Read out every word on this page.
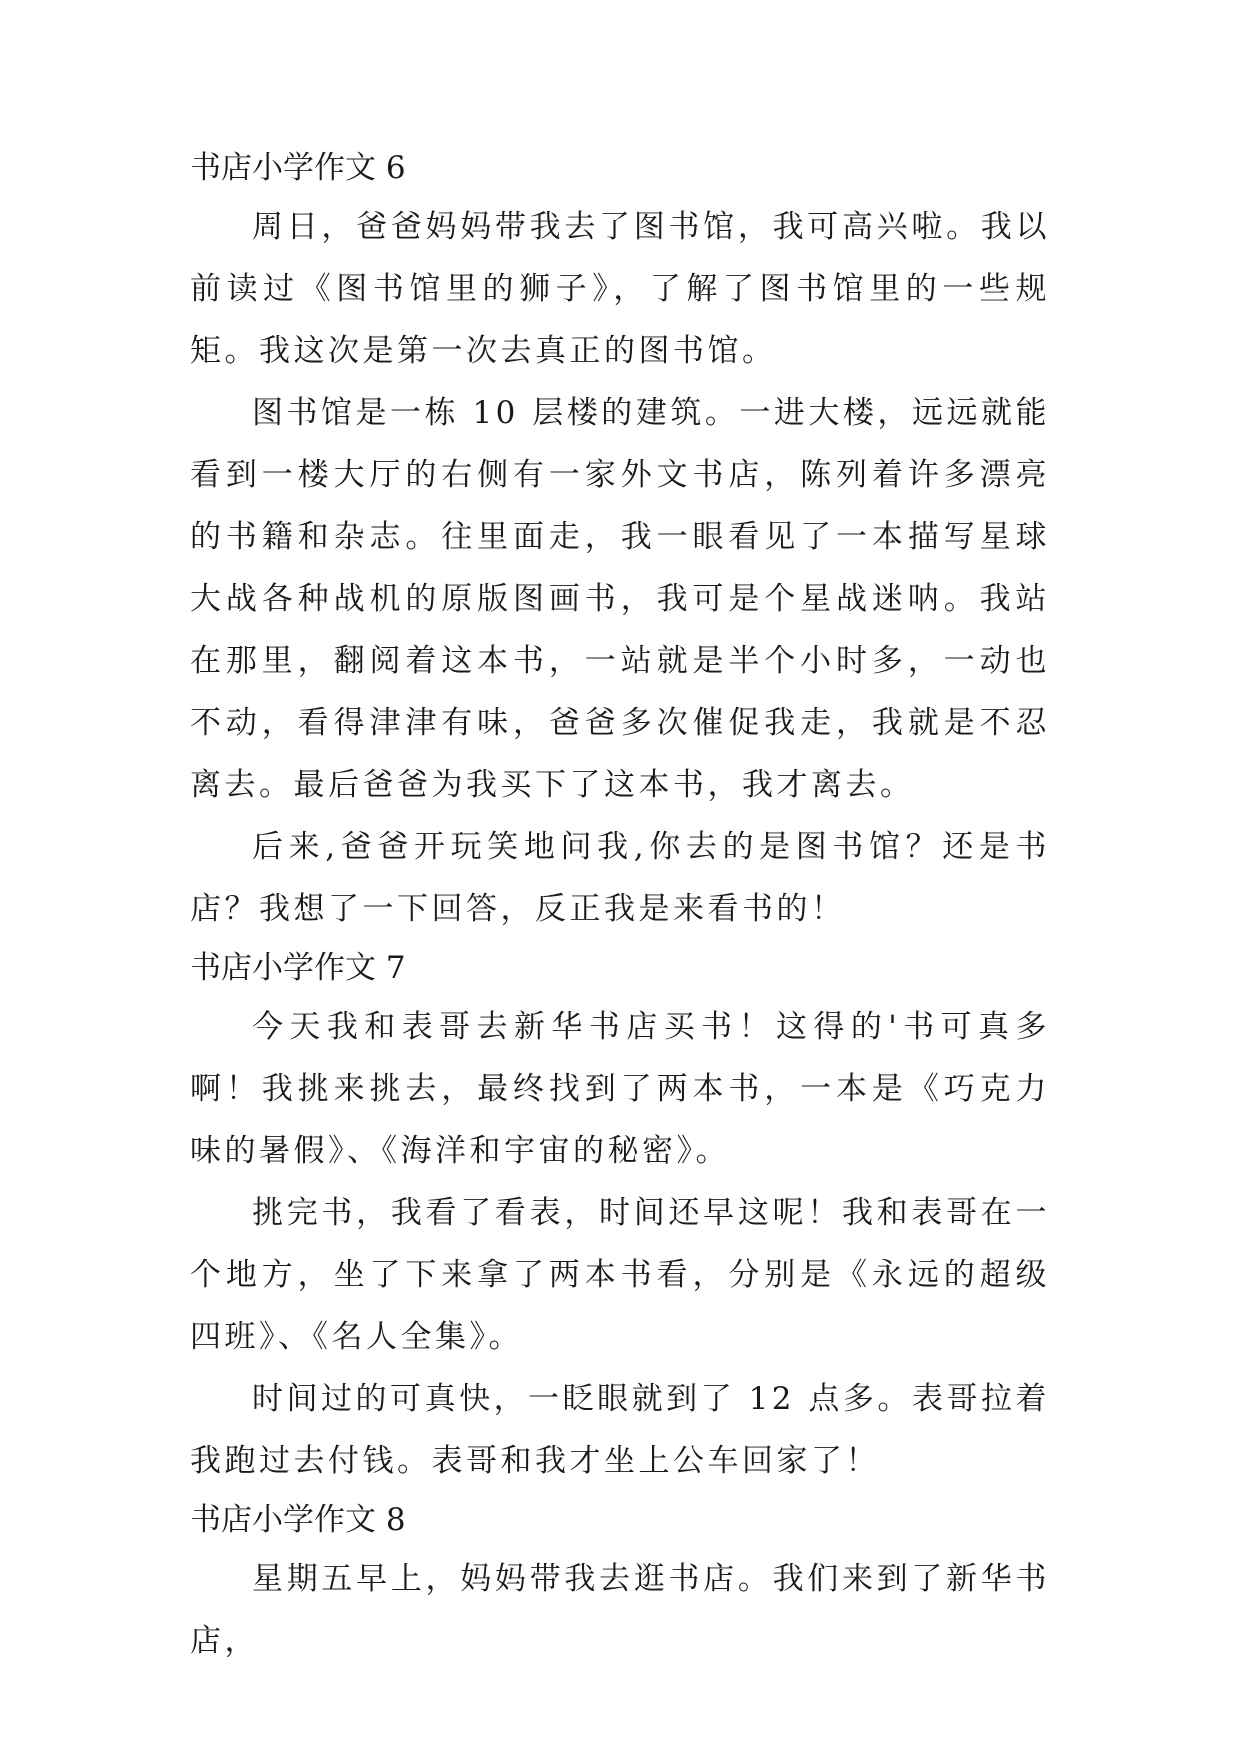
书店小学作文 6

周日，爸爸妈妈带我去了图书馆，我可高兴啦。我以前读过《图书馆里的狮子》，了解了图书馆里的一些规矩。我这次是第一次去真正的图书馆。

图书馆是一栋 10 层楼的建筑。一进大楼，远远就能看到一楼大厅的右侧有一家外文书店，陈列着许多漂亮的书籍和杂志。往里面走，我一眼看见了一本描写星球大战各种战机的原版图画书，我可是个星战迷呐。我站在那里，翻阅着这本书，一站就是半个小时多，一动也不动，看得津津有味，爸爸多次催促我走，我就是不忍离去。最后爸爸为我买下了这本书，我才离去。

后来,爸爸开玩笑地问我,你去的是图书馆？还是书店？我想了一下回答，反正我是来看书的！

书店小学作文 7

今天我和表哥去新华书店买书！这得的'书可真多啊！我挑来挑去，最终找到了两本书，一本是《巧克力味的暑假》、《海洋和宇宙的秘密》。

挑完书，我看了看表，时间还早这呢！我和表哥在一个地方，坐了下来拿了两本书看，分别是《永远的超级四班》、《名人全集》。

时间过的可真快，一眨眼就到了 12 点多。表哥拉着我跑过去付钱。表哥和我才坐上公车回家了！

书店小学作文 8

星期五早上，妈妈带我去逛书店。我们来到了新华书店，
